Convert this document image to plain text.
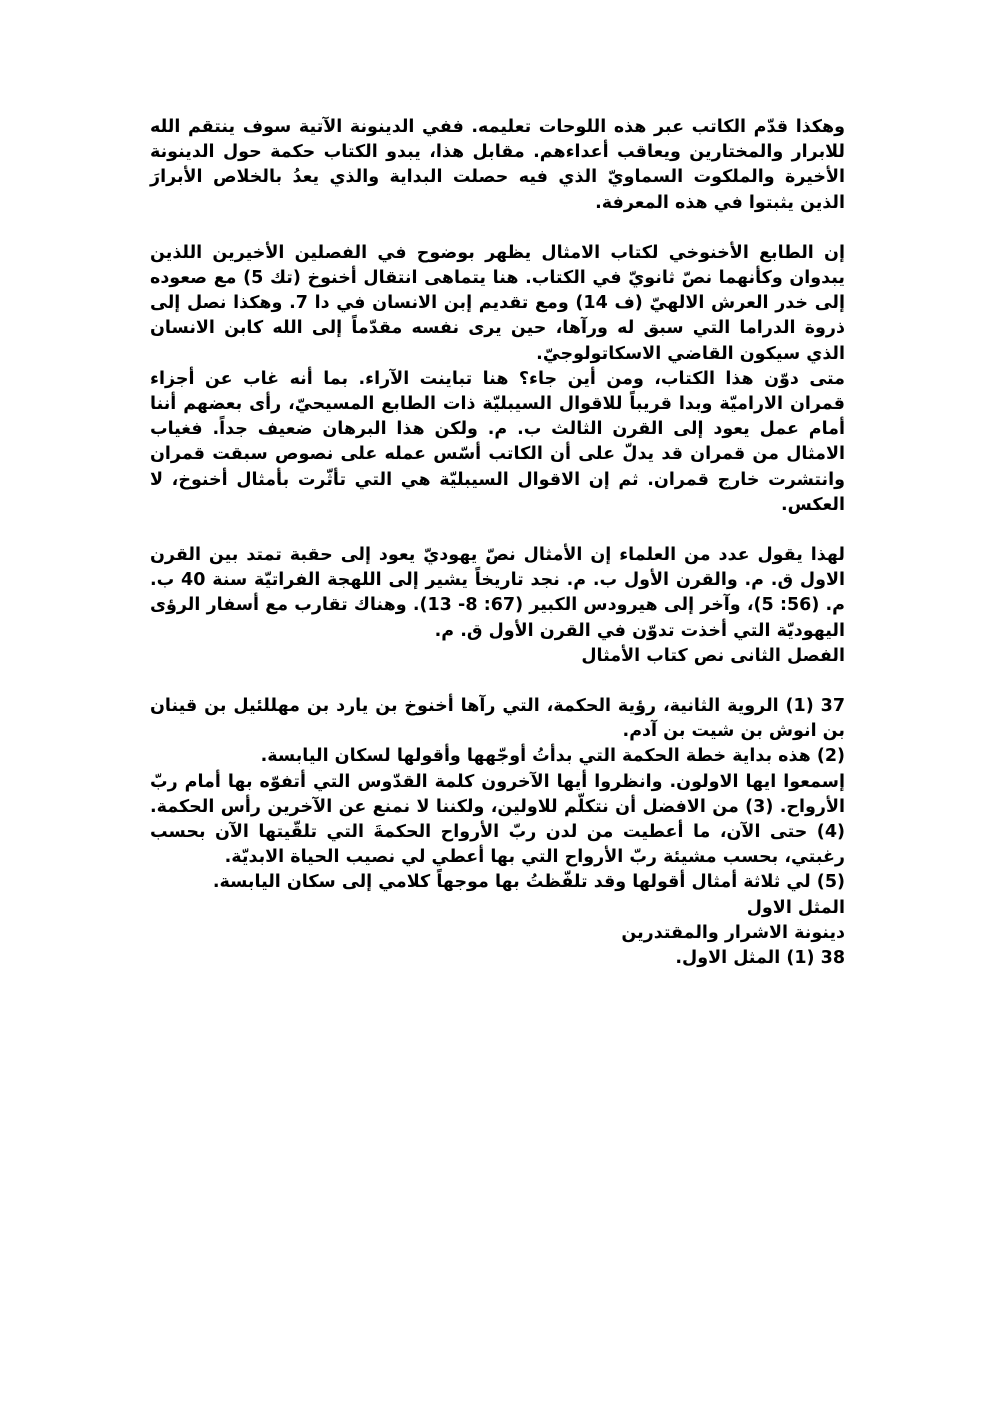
وهكذا قدّم الكاتب عبر هذه اللوحات تعليمه. ففي الدينونة الآتية سوف ينتقم الله للابرار والمختارين ويعاقب أعداءهم. مقابل هذا، يبدو الكتاب حكمة حول الدينونة الأخيرة والملكوت السماويّ الذي فيه حصلت البداية والذي يعدُ بالخلاص الأبرارَ الذين يثبتوا في هذه المعرفة.

إن الطابع الأخنوخي لكتاب الامثال يظهر بوضوح في الفصلين الأخيرين اللذين يبدوان وكأنهما نصّ ثانويّ في الكتاب. هنا يتماهى انتقال أخنوخ (تك 5) مع صعوده إلى خدر العرش الالهيّ (ف 14) ومع تقديم إبن الانسان في دا 7. وهكذا نصل إلى ذروة الدراما التي سبق له ورآها، حين يرى نفسه مقدّماً إلى الله كابن الانسان الذي سيكون القاضي الاسكاتولوجيّ.

متى دوّن هذا الكتاب، ومن أين جاء؟ هنا تباينت الآراء. بما أنه غاب عن أجزاء قمران الاراميّة وبدا قريباً للاقوال السيبليّة ذات الطابع المسيحيّ، رأى بعضهم أننا أمام عمل يعود إلى القرن الثالث ب. م. ولكن هذا البرهان ضعيف جداً. فغياب الامثال من قمران قد يدلّ على أن الكاتب أسّس عمله على نصوص سبقت قمران وانتشرت خارج قمران. ثم إن الاقوال السيبليّة هي التي تأثّرت بأمثال أخنوخ، لا العكس.

لهذا يقول عدد من العلماء إن الأمثال نصّ يهوديّ يعود إلى حقبة تمتد بين القرن الاول ق. م. والقرن الأول ب. م. نجد تاريخاً يشير إلى اللهجة الفراتيّة سنة 40 ب. م. (56: 5)، وآخر إلى هيرودس الكبير (67: 8- 13). وهناك تقارب مع أسفار الرؤى اليهوديّة التي أخذت تدوّن في القرن الأول ق. م.

الفصل الثانى نص كتاب الأمثال

37 (1) الروية الثانية، رؤية الحكمة، التي رآها أخنوخ بن يارد بن مهللئيل بن قينان بن انوش بن شيت بن آدم.

(2) هذه بداية خطة الحكمة التي بدأتُ أوجّهها وأقولها لسكان اليابسة.

إسمعوا ايها الاولون. وانظروا أيها الآخرون كلمة القدّوس التي أتفوّه بها أمام ربّ الأرواح. (3) من الافضل أن نتكلّم للاولين، ولكننا لا نمنع عن الآخرين رأس الحكمة. (4) حتى الآن، ما أعطيت من لدن ربّ الأرواح الحكمةَ التي تلقّيتها الآن بحسب رغبتي، بحسب مشيئة ربّ الأرواح التي بها أعطي لي نصيب الحياة الابديّة.

(5) لي ثلاثة أمثال أقولها وقد تلفّظتُ بها موجهاً كلامي إلى سكان اليابسة.

المثل الاول

دينونة الاشرار والمقتدرين

38 (1) المثل الاول.
